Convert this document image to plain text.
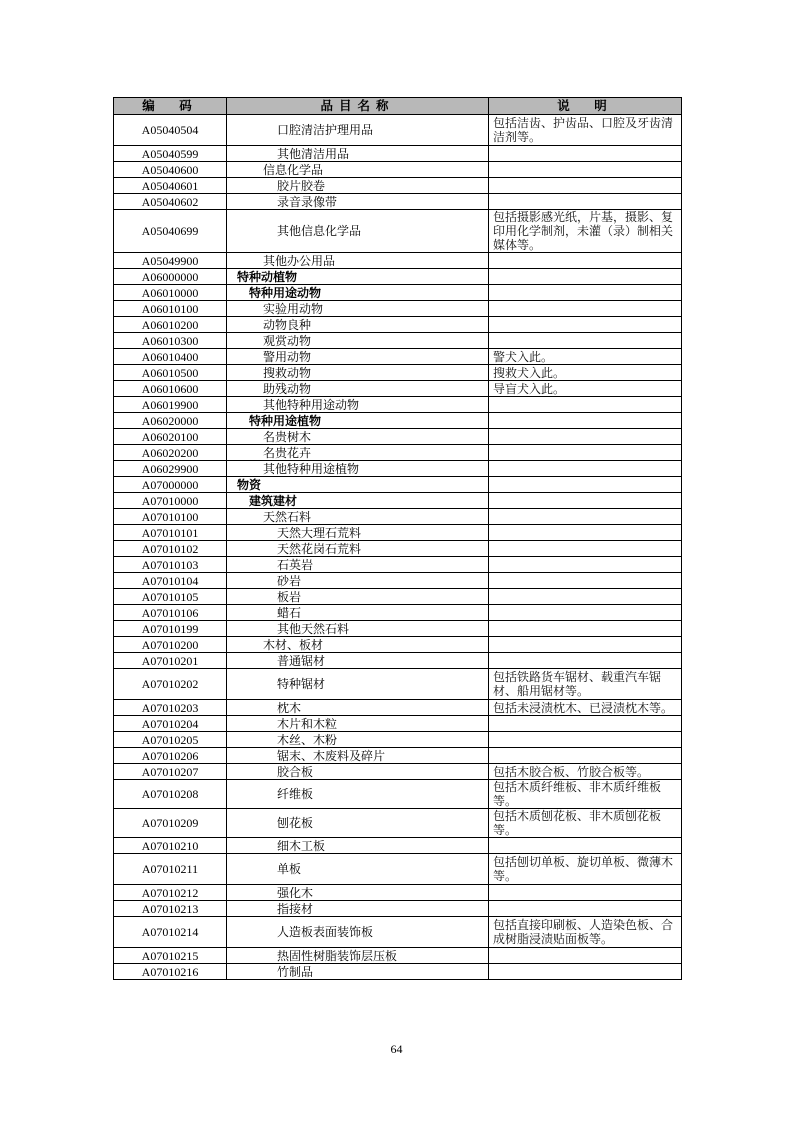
编　码	品目名称	说　明
A05040504	口腔清洁护理用品	包括洁齿、护齿品、口腔及牙齿清洁剂等。
A05040599	其他清洁用品	
A05040600	信息化学品	
A05040601	胶片胶卷	
A05040602	录音录像带	
A05040699	其他信息化学品	包括摄影感光纸，片基，摄影、复印用化学制剂，未灌（录）制相关媒体等。
A05049900	其他办公用品	
A06000000	特种动植物	
A06010000	特种用途动物	
A06010100	实验用动物	
A06010200	动物良种	
A06010300	观赏动物	
A06010400	警用动物	警犬入此。
A06010500	搜救动物	搜救犬入此。
A06010600	助残动物	导盲犬入此。
A06019900	其他特种用途动物	
A06020000	特种用途植物	
A06020100	名贵树木	
A06020200	名贵花卉	
A06029900	其他特种用途植物	
A07000000	物资	
A07010000	建筑建材	
A07010100	天然石料	
A07010101	天然大理石荒料	
A07010102	天然花岗石荒料	
A07010103	石英岩	
A07010104	砂岩	
A07010105	板岩	
A07010106	蜡石	
A07010199	其他天然石料	
A07010200	木材、板材	
A07010201	普通锯材	
A07010202	特种锯材	包括铁路货车锯材、载重汽车锯材、船用锯材等。
A07010203	枕木	包括未浸渍枕木、已浸渍枕木等。
A07010204	木片和木粒	
A07010205	木丝、木粉	
A07010206	锯末、木废料及碎片	
A07010207	胶合板	包括木胶合板、竹胶合板等。
A07010208	纤维板	包括木质纤维板、非木质纤维板等。
A07010209	刨花板	包括木质刨花板、非木质刨花板等。
A07010210	细木工板	
A07010211	单板	包括刨切单板、旋切单板、微薄木等。
A07010212	强化木	
A07010213	指接材	
A07010214	人造板表面装饰板	包括直接印刷板、人造染色板、合成树脂浸渍贴面板等。
A07010215	热固性树脂装饰层压板	
A07010216	竹制品	
64
